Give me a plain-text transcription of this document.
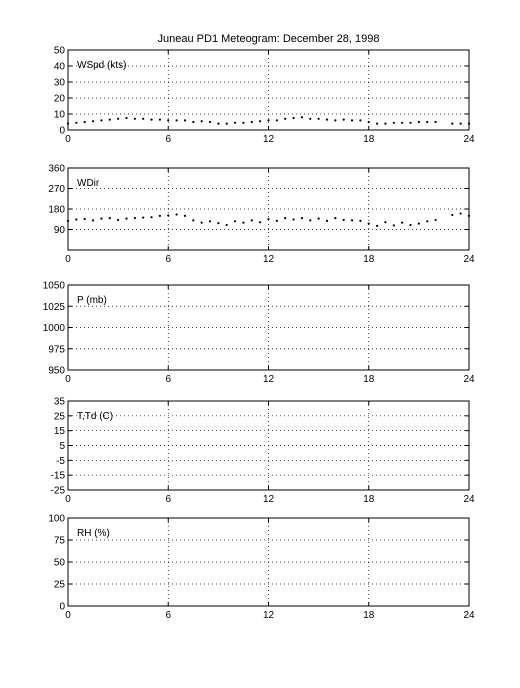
Juneau PD1 Meteogram: December 28, 1998
0	6	12	18	24
0
10
20
30
40
50
WSpd (kts)
0	6	12	18	24
90
180
270
360
WDir
0	6	12	18	24
950
975
1000
1025
1050
P (mb)
0	6	12	18	24
-25
-15
-5
5
15
25
35
T,Td (C)
0	6	12	18	24
0
25
50
75
100
RH (%)
